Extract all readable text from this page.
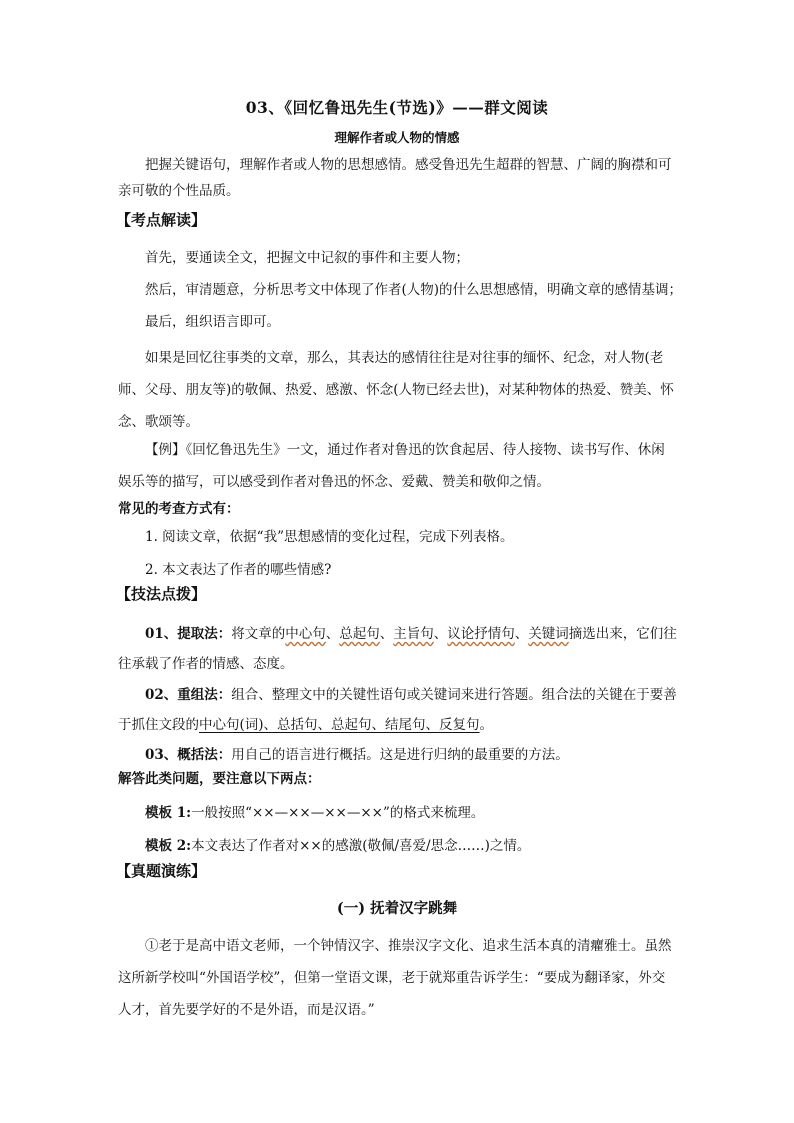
03、《回忆鲁迅先生(节选)》——群文阅读
理解作者或人物的情感
把握关键语句，理解作者或人物的思想感情。感受鲁迅先生超群的智慧、广阔的胸襟和可亲可敬的个性品质。
【考点解读】
首先，要通读全文，把握文中记叙的事件和主要人物；
然后，审清题意，分析思考文中体现了作者(人物)的什么思想感情，明确文章的感情基调；
最后，组织语言即可。
如果是回忆往事类的文章，那么，其表达的感情往往是对往事的缅怀、纪念，对人物(老师、父母、朋友等)的敬佩、热爱、感激、怀念(人物已经去世)，对某种物体的热爱、赞美、怀念、歌颂等。
【例】《回忆鲁迅先生》一文，通过作者对鲁迅的饮食起居、待人接物、读书写作、休闲娱乐等的描写，可以感受到作者对鲁迅的怀念、爱戴、赞美和敬仰之情。
常见的考查方式有：
1. 阅读文章，依据“我”思想感情的变化过程，完成下列表格。
2. 本文表达了作者的哪些情感?
【技法点拨】
01、提取法：将文章的中心句、总起句、主旨句、议论抒情句、关键词摘选出来，它们往往承载了作者的情感、态度。
02、重组法：组合、整理文中的关键性语句或关键词来进行答题。组合法的关键在于要善于抓住文段的中心句(词)、总括句、总起句、结尾句、反复句。
03、概括法：用自己的语言进行概括。这是进行归纳的最重要的方法。
解答此类问题，要注意以下两点：
模板 1:一般按照“××—××—××—××”的格式来梳理。
模板 2:本文表达了作者对××的感激(敬佩/喜爱/思念……)之情。
【真题演练】
(一) 抚着汉字跳舞
①老于是高中语文老师，一个钟情汉字、推崇汉字文化、追求生活本真的清癯雅士。虽然这所新学校叫“外国语学校”，但第一堂语文课，老于就郑重告诉学生：“要成为翻译家，外交人才，首先要学好的不是外语，而是汉语。”
